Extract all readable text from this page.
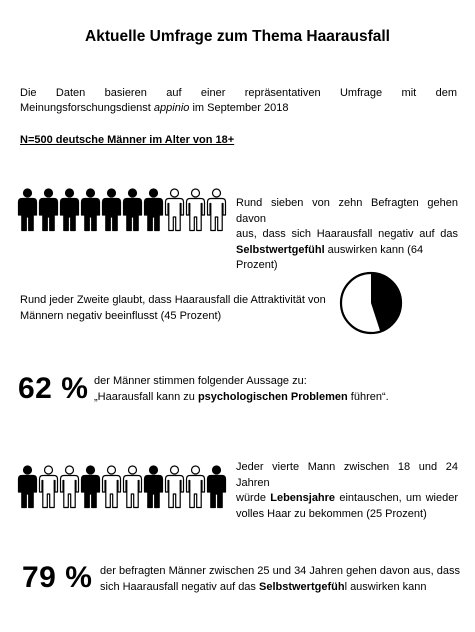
Aktuelle Umfrage zum Thema Haarausfall
Die Daten basieren auf einer repräsentativen Umfrage mit dem
Meinungsforschungsdienst appinio im September 2018
N=500 deutsche Männer im Alter von 18+
Rund sieben von zehn Befragten gehen davon
aus, dass sich Haarausfall negativ auf das
Selbstwertgefühl auswirken kann (64 Prozent)
Rund jeder Zweite glaubt, dass Haarausfall die Attraktivität von
Männern negativ beeinflusst (45 Prozent)
62 % der Männer stimmen folgender Aussage zu:
„Haarausfall kann zu psychologischen Problemen führen“.
Jeder vierte Mann zwischen 18 und 24 Jahren
würde Lebensjahre eintauschen, um wieder
volles Haar zu bekommen (25 Prozent)
79 % der befragten Männer zwischen 25 und 34 Jahren gehen davon aus, dass
sich Haarausfall negativ auf das Selbstwertgefühl auswirken kann
